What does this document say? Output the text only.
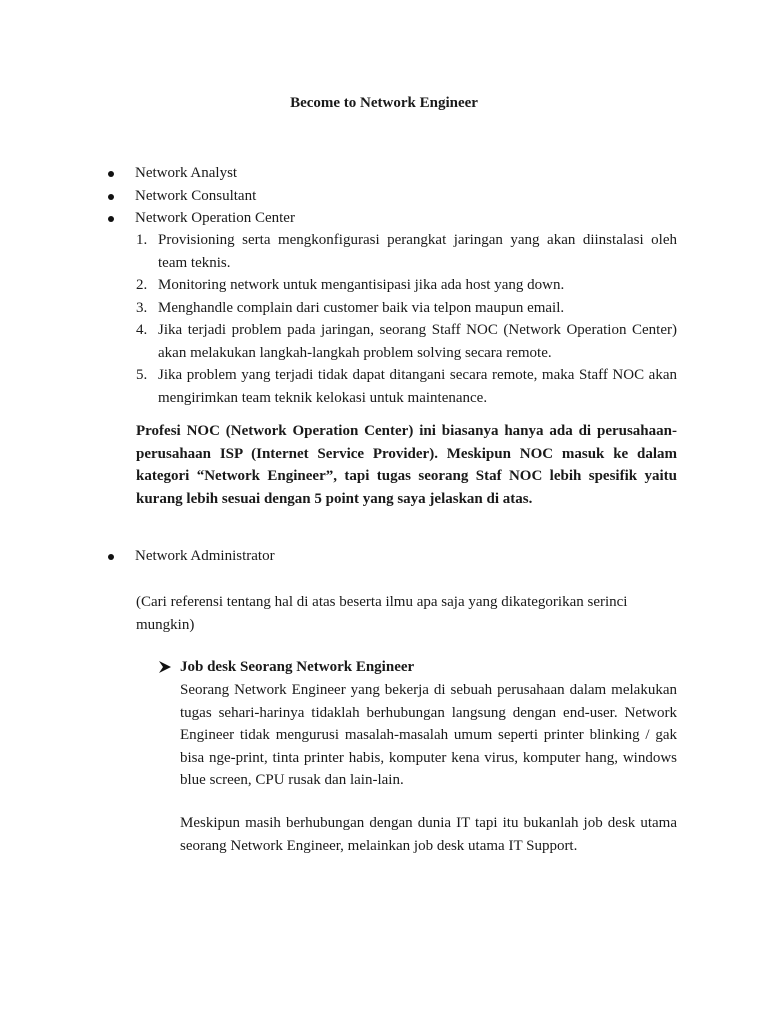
Become to Network Engineer
Network Analyst
Network Consultant
Network Operation Center
1. Provisioning serta mengkonfigurasi perangkat jaringan yang akan diinstalasi oleh team teknis.
2. Monitoring network untuk mengantisipasi jika ada host yang down.
3. Menghandle complain dari customer baik via telpon maupun email.
4. Jika terjadi problem pada jaringan, seorang Staff NOC (Network Operation Center) akan melakukan langkah-langkah problem solving secara remote.
5. Jika problem yang terjadi tidak dapat ditangani secara remote, maka Staff NOC akan mengirimkan team teknik kelokasi untuk maintenance.

Profesi NOC (Network Operation Center) ini biasanya hanya ada di perusahaan-perusahaan ISP (Internet Service Provider). Meskipun NOC masuk ke dalam kategori “Network Engineer”, tapi tugas seorang Staf NOC lebih spesifik yaitu kurang lebih sesuai dengan 5 point yang saya jelaskan di atas.

Network Administrator

(Cari referensi tentang hal di atas beserta ilmu apa saja yang dikategorikan serinci mungkin)

Job desk Seorang Network Engineer

Seorang Network Engineer yang bekerja di sebuah perusahaan dalam melakukan tugas sehari-harinya tidaklah berhubungan langsung dengan end-user. Network Engineer tidak mengurusi masalah-masalah umum seperti printer blinking / gak bisa nge-print, tinta printer habis, komputer kena virus, komputer hang, windows blue screen, CPU rusak dan lain-lain.

Meskipun masih berhubungan dengan dunia IT tapi itu bukanlah job desk utama seorang Network Engineer, melainkan job desk utama IT Support.
